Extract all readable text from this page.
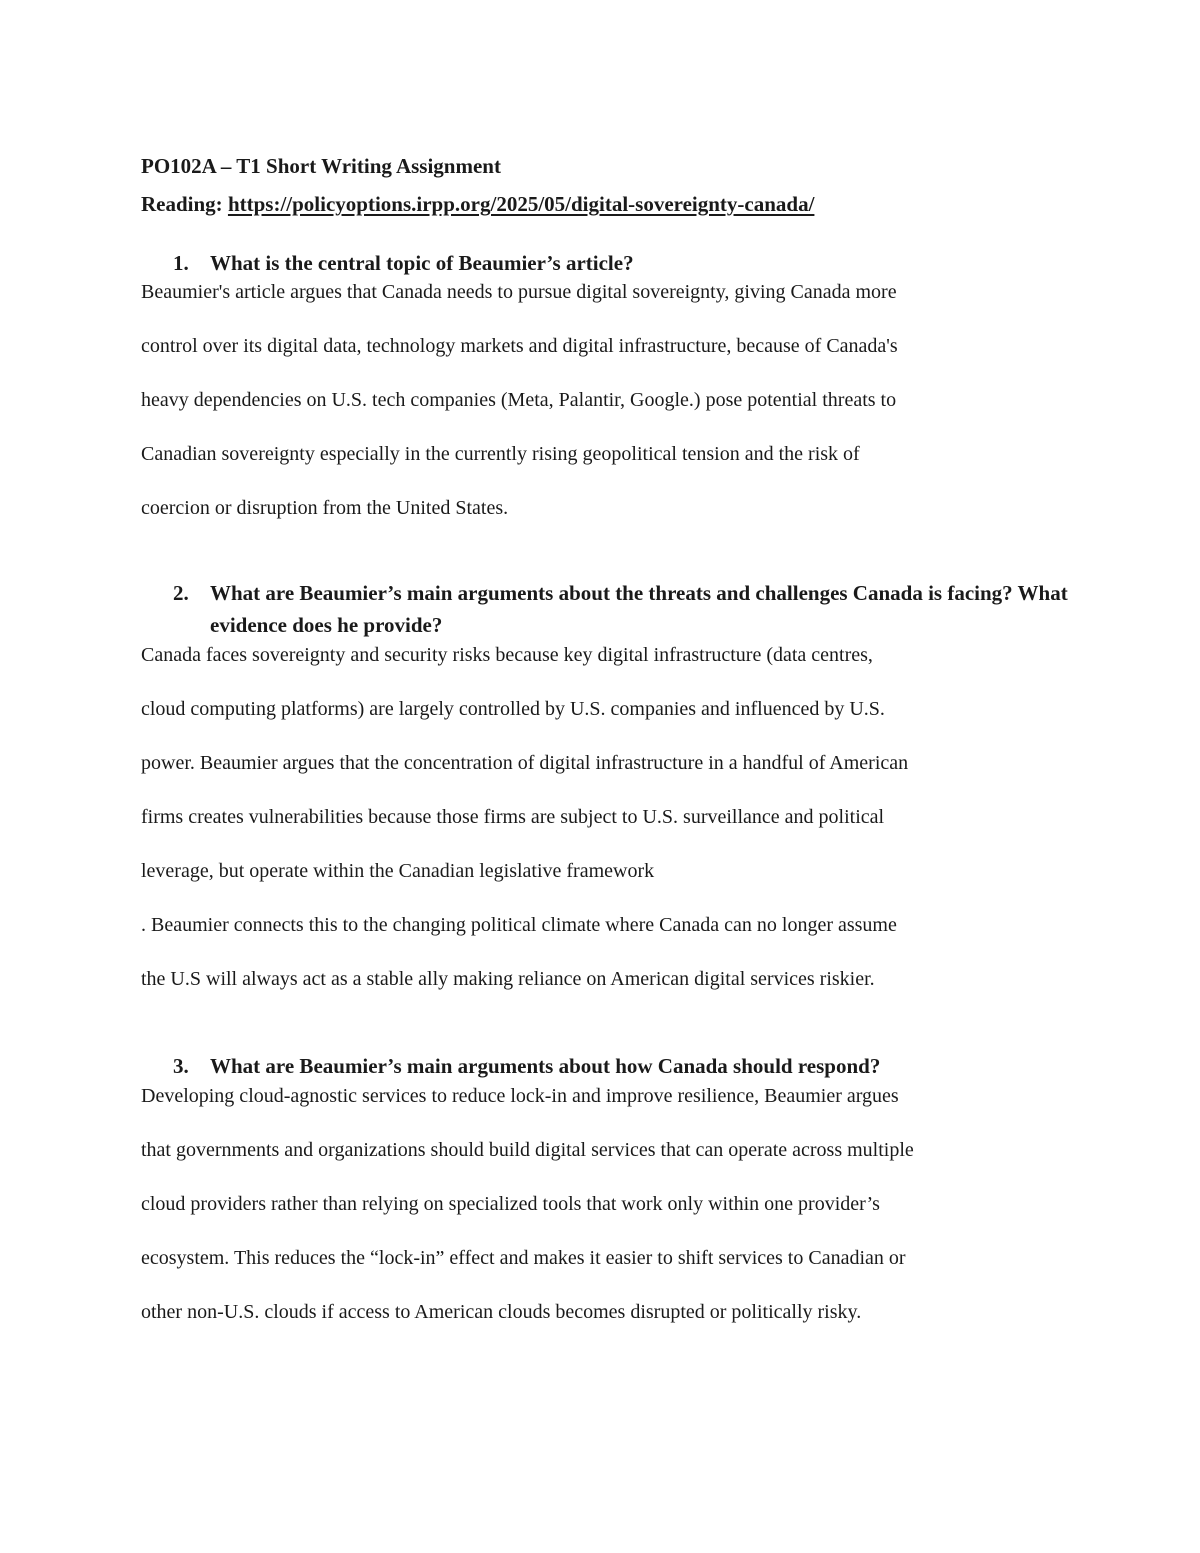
PO102A – T1 Short Writing Assignment
Reading: https://policyoptions.irpp.org/2025/05/digital-sovereignty-canada/
1. What is the central topic of Beaumier’s article?
Beaumier's article argues that Canada needs to pursue digital sovereignty, giving Canada more
control over its digital data, technology markets and digital infrastructure, because of Canada's
heavy dependencies on U.S. tech companies (Meta, Palantir, Google.) pose potential threats to
Canadian sovereignty especially in the currently rising geopolitical tension and the risk of
coercion or disruption from the United States.
2. What are Beaumier’s main arguments about the threats and challenges Canada is facing? What evidence does he provide?
Canada faces sovereignty and security risks because key digital infrastructure (data centres,
cloud computing platforms) are largely controlled by U.S. companies and influenced by U.S.
power. Beaumier argues that the concentration of digital infrastructure in a handful of American
firms creates vulnerabilities because those firms are subject to U.S. surveillance and political
leverage, but operate within the Canadian legislative framework
. Beaumier connects this to the changing political climate where Canada can no longer assume
the U.S will always act as a stable ally making reliance on American digital services riskier.
3. What are Beaumier’s main arguments about how Canada should respond?
Developing cloud-agnostic services to reduce lock-in and improve resilience, Beaumier argues
that governments and organizations should build digital services that can operate across multiple
cloud providers rather than relying on specialized tools that work only within one provider’s
ecosystem. This reduces the “lock-in” effect and makes it easier to shift services to Canadian or
other non-U.S. clouds if access to American clouds becomes disrupted or politically risky.
